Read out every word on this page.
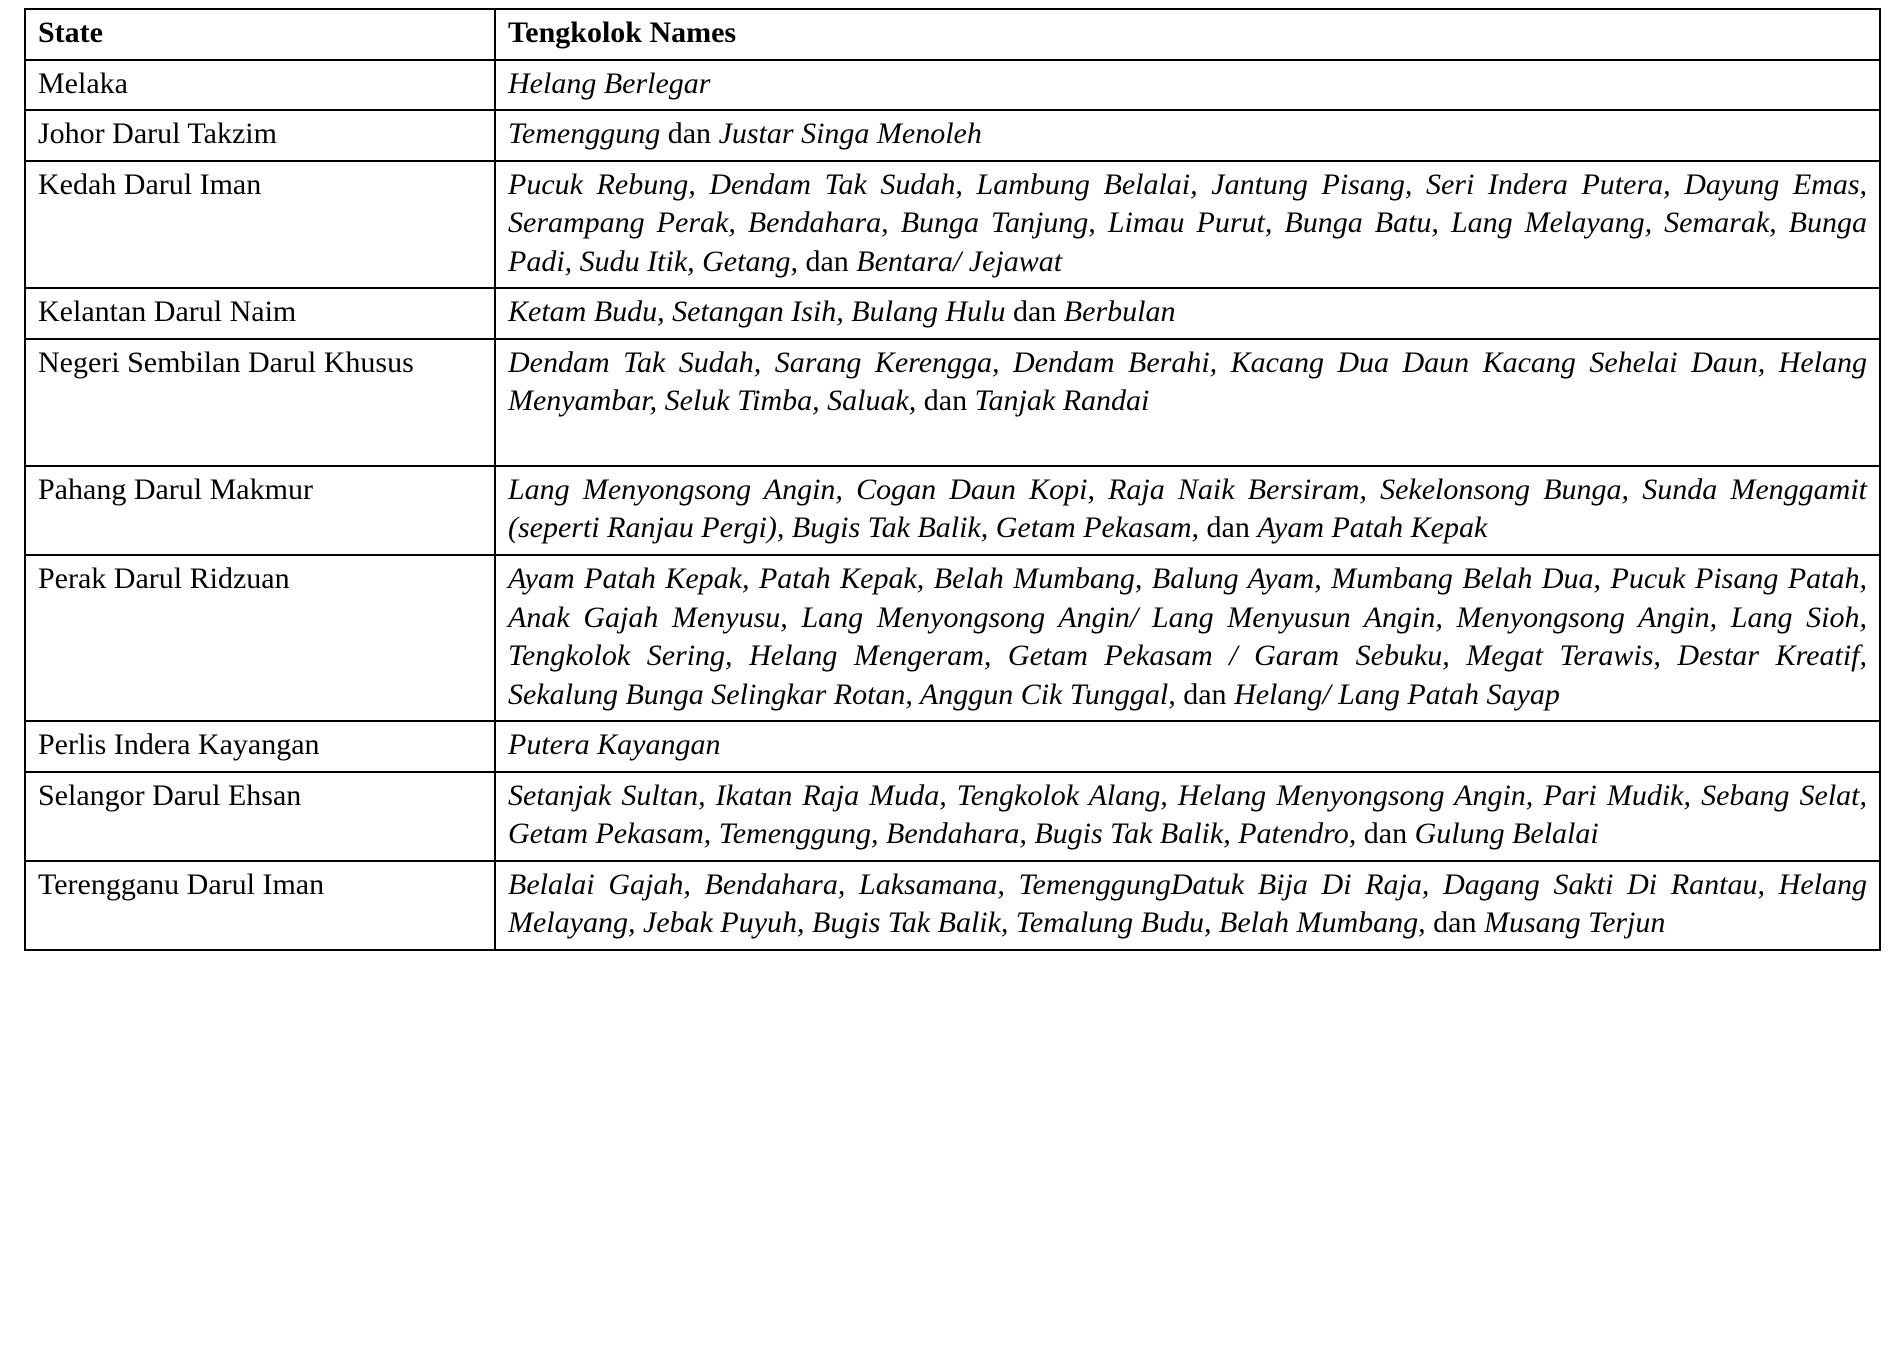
State	Tengkolok Names
Melaka	Helang Berlegar
Johor Darul Takzim	Temenggung dan Justar Singa Menoleh
Kedah Darul Iman	Pucuk Rebung, Dendam Tak Sudah, Lambung Belalai, Jantung Pisang, Seri Indera Putera, Dayung Emas, Serampang Perak, Bendahara, Bunga Tanjung, Limau Purut, Bunga Batu, Lang Melayang, Semarak, Bunga Padi, Sudu Itik, Getang, dan Bentara/ Jejawat
Kelantan Darul Naim	Ketam Budu, Setangan Isih, Bulang Hulu dan Berbulan
Negeri Sembilan Darul Khusus	Dendam Tak Sudah, Sarang Kerengga, Dendam Berahi, Kacang Dua Daun Kacang Sehelai Daun, Helang Menyambar, Seluk Timba, Saluak, dan Tanjak Randai

Pahang Darul Makmur	Lang Menyongsong Angin, Cogan Daun Kopi, Raja Naik Bersiram, Sekelonsong Bunga, Sunda Menggamit (seperti Ranjau Pergi), Bugis Tak Balik, Getam Pekasam, dan Ayam Patah Kepak
Perak Darul Ridzuan	Ayam Patah Kepak, Patah Kepak, Belah Mumbang, Balung Ayam, Mumbang Belah Dua, Pucuk Pisang Patah, Anak Gajah Menyusu, Lang Menyongsong Angin/ Lang Menyusun Angin, Menyongsong Angin, Lang Sioh, Tengkolok Sering, Helang Mengeram, Getam Pekasam / Garam Sebuku, Megat Terawis, Destar Kreatif, Sekalung Bunga Selingkar Rotan, Anggun Cik Tunggal, dan Helang/ Lang Patah Sayap
Perlis Indera Kayangan	Putera Kayangan
Selangor Darul Ehsan	Setanjak Sultan, Ikatan Raja Muda, Tengkolok Alang, Helang Menyongsong Angin, Pari Mudik, Sebang Selat, Getam Pekasam, Temenggung, Bendahara, Bugis Tak Balik, Patendro, dan Gulung Belalai
Terengganu Darul Iman	Belalai Gajah, Bendahara, Laksamana, TemenggungDatuk Bija Di Raja, Dagang Sakti Di Rantau, Helang Melayang, Jebak Puyuh, Bugis Tak Balik, Temalung Budu, Belah Mumbang, dan Musang Terjun
